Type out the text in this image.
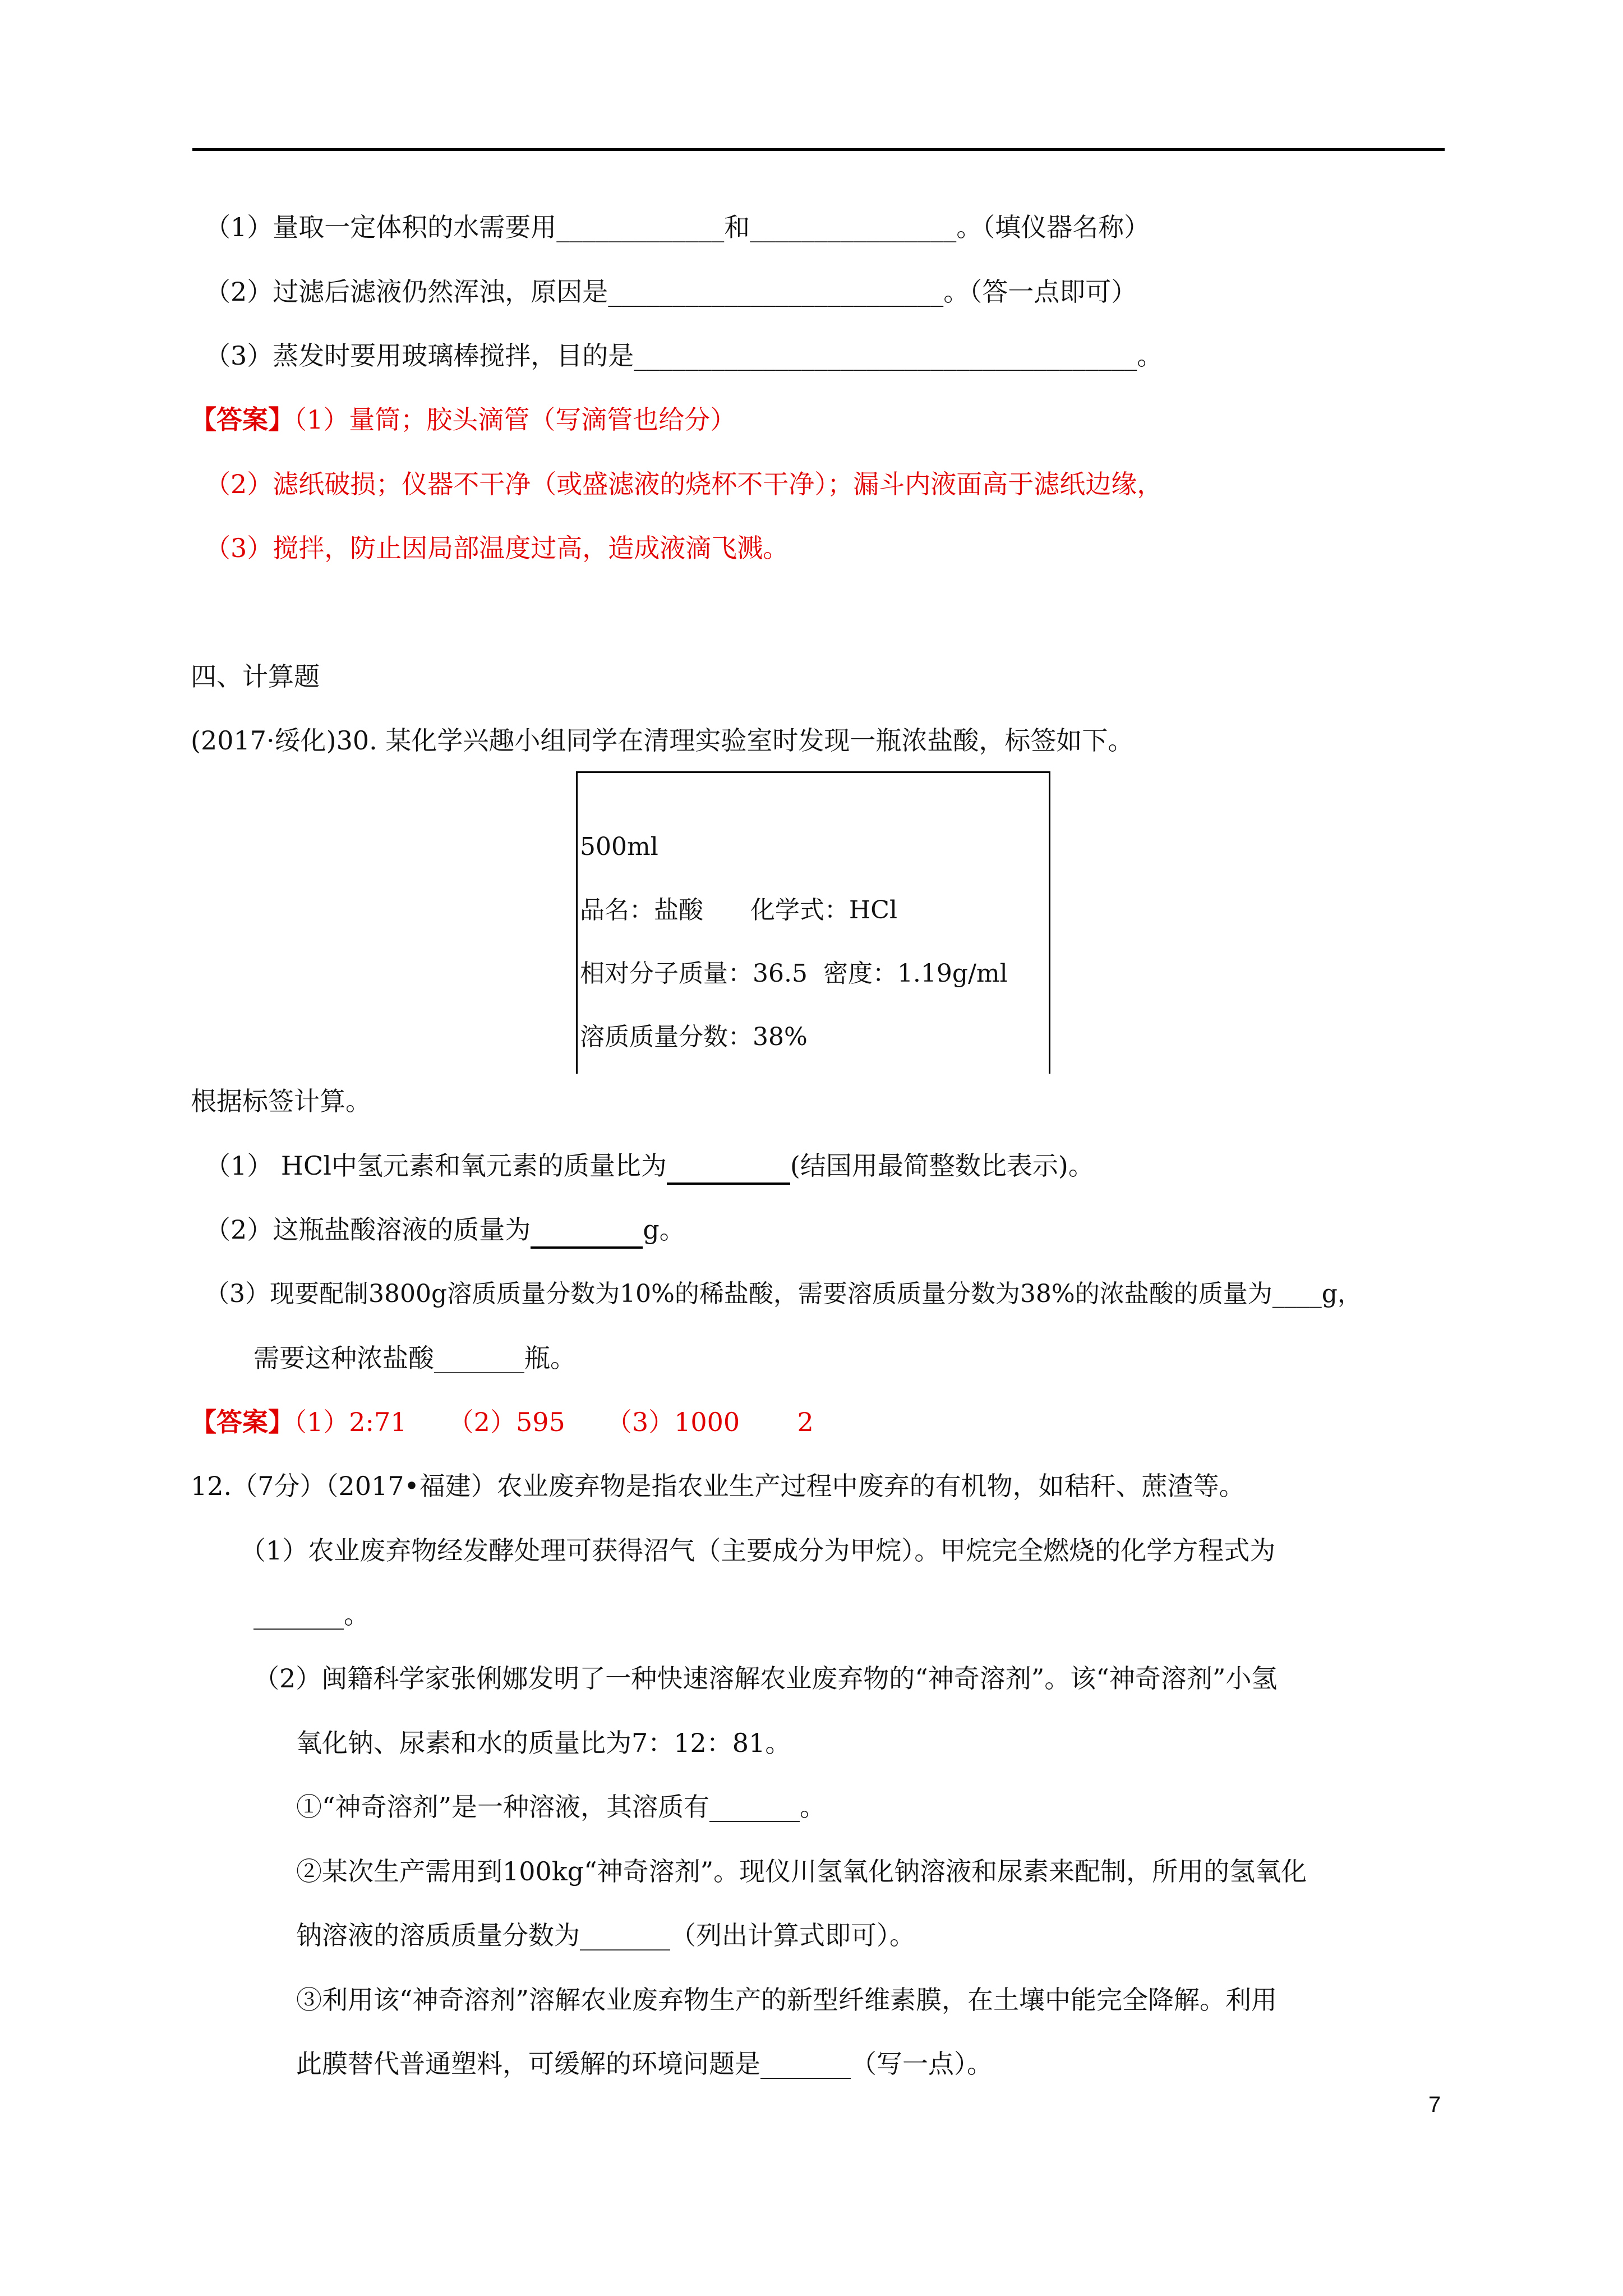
（1）量取一定体积的水需要用_____________和________________。（填仪器名称）
（2）过滤后滤液仍然浑浊，原因是__________________________。（答一点即可）
（3）蒸发时要用玻璃棒搅拌，目的是_______________________________________。
【答案】（1）量筒；胶头滴管（写滴管也给分）
（2）滤纸破损；仪器不干净（或盛滤液的烧杯不干净）；漏斗内液面高于滤纸边缘，
（3）搅拌，防止因局部温度过高，造成液滴飞溅。
四、计算题
(2017·绥化)30. 某化学兴趣小组同学在清理实验室时发现一瓶浓盐酸，标签如下。
500ml
品名：盐酸      化学式：HCl
相对分子质量：36.5  密度：1.19g/ml
溶质质量分数：38%
根据标签计算。
（1） HCl中氢元素和氧元素的质量比为	(结国用最简整数比表示)。
（2）这瓶盐酸溶液的质量为	g。
（3）现要配制3800g溶质质量分数为10%的稀盐酸，需要溶质质量分数为38%的浓盐酸的质量为____g，
需要这种浓盐酸_______瓶。
【答案】（1）2:71     （2）595     （3）1000       2
12.（7分）（2017•福建）农业废弃物是指农业生产过程中废弃的有机物，如秸秆、蔗渣等。
（1）农业废弃物经发酵处理可获得沼气（主要成分为甲烷）。甲烷完全燃烧的化学方程式为
_______。
（2）闽籍科学家张俐娜发明了一种快速溶解农业废弃物的“神奇溶剂”。该“神奇溶剂”小氢
氧化钠、尿素和水的质量比为7：12：81。
①“神奇溶剂”是一种溶液，其溶质有_______。
②某次生产需用到100kg“神奇溶剂”。现仪川氢氧化钠溶液和尿素来配制，所用的氢氧化
钠溶液的溶质质量分数为_______（列出计算式即可）。
③利用该“神奇溶剂”溶解农业废弃物生产的新型纤维素膜，在土壤中能完全降解。利用
此膜替代普通塑料，可缓解的环境问题是_______（写一点）。
7
